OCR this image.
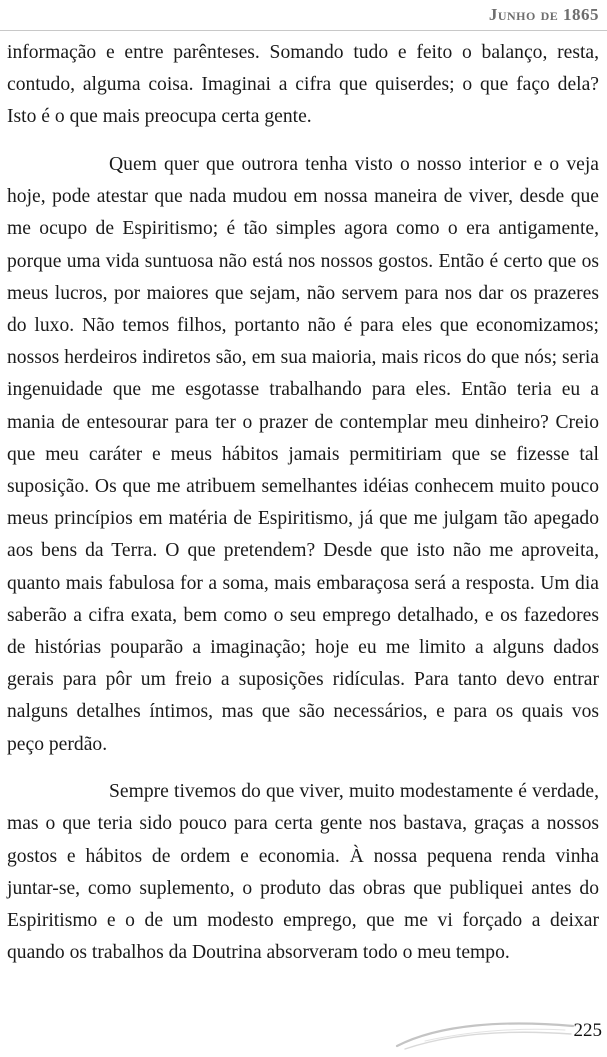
Junho de 1865

informação e entre parênteses. Somando tudo e feito o balanço, resta, contudo, alguma coisa. Imaginai a cifra que quiserdes; o que faço dela? Isto é o que mais preocupa certa gente.

Quem quer que outrora tenha visto o nosso interior e o veja hoje, pode atestar que nada mudou em nossa maneira de viver, desde que me ocupo de Espiritismo; é tão simples agora como o era antigamente, porque uma vida suntuosa não está nos nossos gostos. Então é certo que os meus lucros, por maiores que sejam, não servem para nos dar os prazeres do luxo. Não temos filhos, portanto não é para eles que economizamos; nossos herdeiros indiretos são, em sua maioria, mais ricos do que nós; seria ingenuidade que me esgotasse trabalhando para eles. Então teria eu a mania de entesourar para ter o prazer de contemplar meu dinheiro? Creio que meu caráter e meus hábitos jamais permitiriam que se fizesse tal suposição. Os que me atribuem semelhantes idéias conhecem muito pouco meus princípios em matéria de Espiritismo, já que me julgam tão apegado aos bens da Terra. O que pretendem? Desde que isto não me aproveita, quanto mais fabulosa for a soma, mais embaraçosa será a resposta. Um dia saberão a cifra exata, bem como o seu emprego detalhado, e os fazedores de histórias pouparão a imaginação; hoje eu me limito a alguns dados gerais para pôr um freio a suposições ridículas. Para tanto devo entrar nalguns detalhes íntimos, mas que são necessários, e para os quais vos peço perdão.

Sempre tivemos do que viver, muito modestamente é verdade, mas o que teria sido pouco para certa gente nos bastava, graças a nossos gostos e hábitos de ordem e economia. À nossa pequena renda vinha juntar-se, como suplemento, o produto das obras que publiquei antes do Espiritismo e o de um modesto emprego, que me vi forçado a deixar quando os trabalhos da Doutrina absorveram todo o meu tempo.

225
